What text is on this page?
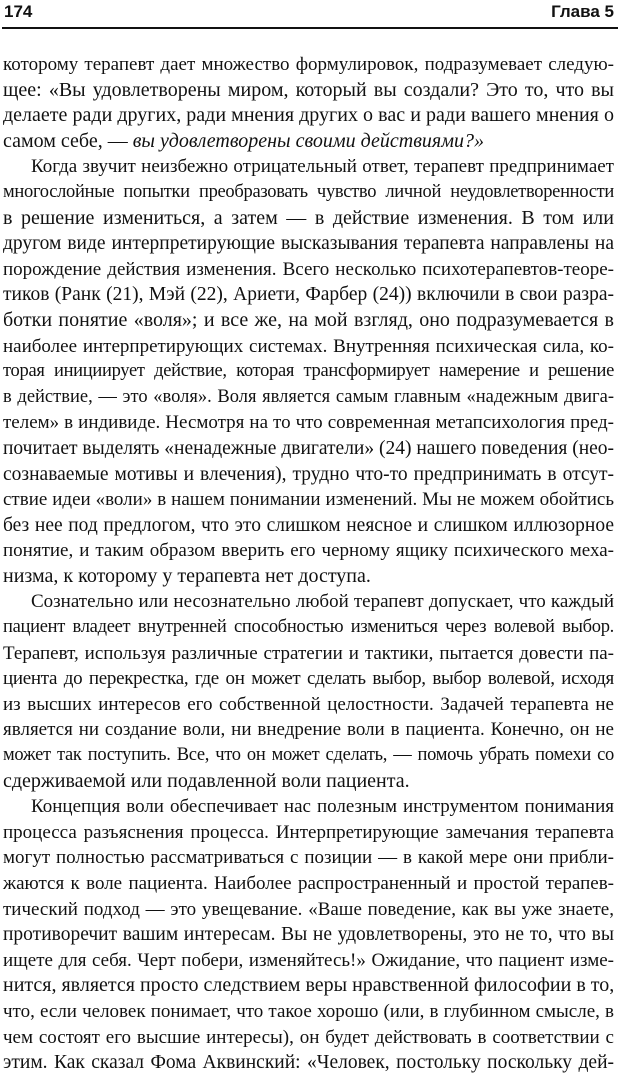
174	Глава 5
которому терапевт дает множество формулировок, подразумевает следую-
щее: «Вы удовлетворены миром, который вы создали? Это то, что вы
делаете ради других, ради мнения других о вас и ради вашего мнения о
самом себе, — вы удовлетворены своими действиями?»
Когда звучит неизбежно отрицательный ответ, терапевт предпринимает
многослойные попытки преобразовать чувство личной неудовлетворенности
в решение измениться, а затем — в действие изменения. В том или
другом виде интерпретирующие высказывания терапевта направлены на
порождение действия изменения. Всего несколько психотерапевтов-теоре-
тиков (Ранк (21), Мэй (22), Ариети, Фарбер (24)) включили в свои разра-
ботки понятие «воля»; и все же, на мой взгляд, оно подразумевается в
наиболее интерпретирующих системах. Внутренняя психическая сила, ко-
торая инициирует действие, которая трансформирует намерение и решение
в действие, — это «воля». Воля является самым главным «надежным двига-
телем» в индивиде. Несмотря на то что современная метапсихология пред-
почитает выделять «ненадежные двигатели» (24) нашего поведения (нео-
сознаваемые мотивы и влечения), трудно что-то предпринимать в отсут-
ствие идеи «воли» в нашем понимании изменений. Мы не можем обойтись
без нее под предлогом, что это слишком неясное и слишком иллюзорное
понятие, и таким образом вверить его черному ящику психического меха-
низма, к которому у терапевта нет доступа.
Сознательно или несознательно любой терапевт допускает, что каждый
пациент владеет внутренней способностью измениться через волевой выбор.
Терапевт, используя различные стратегии и тактики, пытается довести па-
циента до перекрестка, где он может сделать выбор, выбор волевой, исходя
из высших интересов его собственной целостности. Задачей терапевта не
является ни создание воли, ни внедрение воли в пациента. Конечно, он не
может так поступить. Все, что он может сделать, — помочь убрать помехи со
сдерживаемой или подавленной воли пациента.
Концепция воли обеспечивает нас полезным инструментом понимания
процесса разъяснения процесса. Интерпретирующие замечания терапевта
могут полностью рассматриваться с позиции — в какой мере они прибли-
жаются к воле пациента. Наиболее распространенный и простой терапев-
тический подход — это увещевание. «Ваше поведение, как вы уже знаете,
противоречит вашим интересам. Вы не удовлетворены, это не то, что вы
ищете для себя. Черт побери, изменяйтесь!» Ожидание, что пациент изме-
нится, является просто следствием веры нравственной философии в то,
что, если человек понимает, что такое хорошо (или, в глубинном смысле, в
чем состоят его высшие интересы), он будет действовать в соответствии с
этим. Как сказал Фома Аквинский: «Человек, постольку поскольку дей-
